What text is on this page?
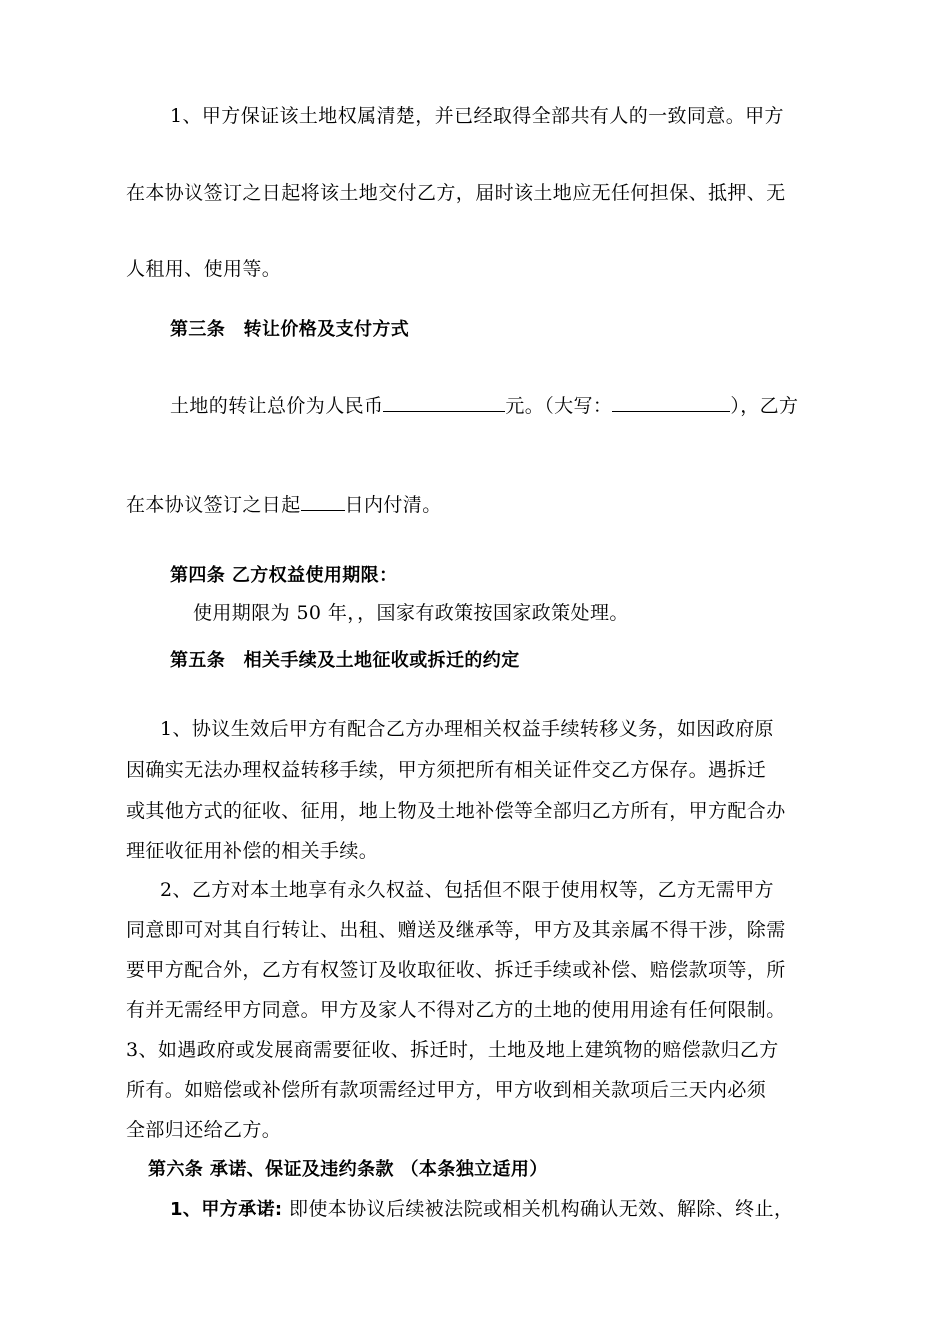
1、甲方保证该土地权属清楚，并已经取得全部共有人的一致同意。甲方
在本协议签订之日起将该土地交付乙方，届时该土地应无任何担保、抵押、无
人租用、使用等。
第三条　转让价格及支付方式
土地的转让总价为人民币	元。（大写：	），乙方
在本协议签订之日起 日内付清。
第四条 乙方权益使用期限：
使用期限为 50 年，，国家有政策按国家政策处理。
第五条　相关手续及土地征收或拆迁的约定
1、协议生效后甲方有配合乙方办理相关权益手续转移义务，如因政府原
因确实无法办理权益转移手续，甲方须把所有相关证件交乙方保存。遇拆迁
或其他方式的征收、征用，地上物及土地补偿等全部归乙方所有，甲方配合办
理征收征用补偿的相关手续。
2、乙方对本土地享有永久权益、包括但不限于使用权等，乙方无需甲方
同意即可对其自行转让、出租、赠送及继承等，甲方及其亲属不得干涉，除需
要甲方配合外，乙方有权签订及收取征收、拆迁手续或补偿、赔偿款项等，所
有并无需经甲方同意。甲方及家人不得对乙方的土地的使用用途有任何限制。
3、如遇政府或发展商需要征收、拆迁时，土地及地上建筑物的赔偿款归乙方
所有。如赔偿或补偿所有款项需经过甲方，甲方收到相关款项后三天内必须
全部归还给乙方。
第六条 承诺、保证及违约条款 （本条独立适用）
1、甲方承诺: 即使本协议后续被法院或相关机构确认无效、解除、终止，
